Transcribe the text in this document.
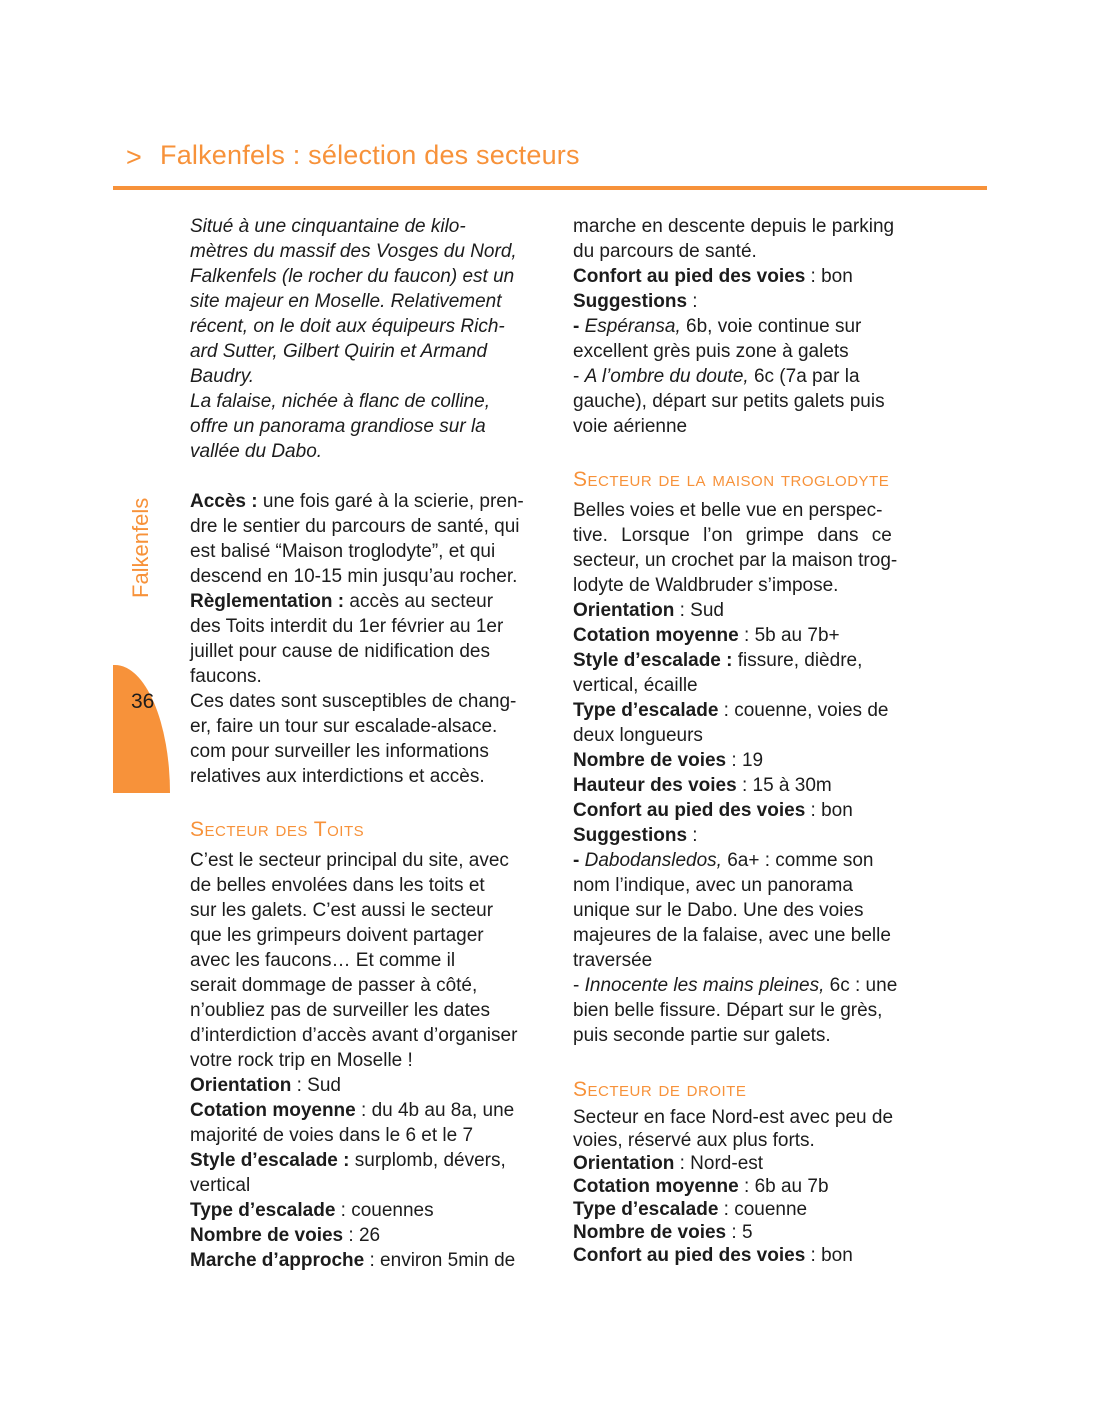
> Falkenfels : sélection des secteurs
Falkenfels
36
Situé à une cinquantaine de kilo-
mètres du massif des Vosges du Nord,
Falkenfels (le rocher du faucon) est un
site majeur en Moselle. Relativement
récent, on le doit aux équipeurs Rich-
ard Sutter, Gilbert Quirin et Armand
Baudry.
La falaise, nichée à flanc de colline,
offre un panorama grandiose sur la
vallée du Dabo.
Accès : une fois garé à la scierie, pren-
dre le sentier du parcours de santé, qui
est balisé “Maison troglodyte”, et qui
descend en 10-15 min jusqu’au rocher.
Règlementation : accès au secteur
des Toits interdit du 1er février au 1er
juillet pour cause de nidification des
faucons.
Ces dates sont susceptibles de chang-
er, faire un tour sur escalade-alsace.
com pour surveiller les informations
relatives aux interdictions et accès.
Secteur des Toits
C’est le secteur principal du site, avec
de belles envolées dans les toits et
sur les galets. C’est aussi le secteur
que les grimpeurs doivent partager
avec les faucons… Et comme il
serait dommage de passer à côté,
n’oubliez pas de surveiller les dates
d’interdiction d’accès avant d’organiser
votre rock trip en Moselle !
Orientation : Sud
Cotation moyenne : du 4b au 8a, une
majorité de voies dans le 6 et le 7
Style d’escalade : surplomb, dévers,
vertical
Type d’escalade : couennes
Nombre de voies : 26
Marche d’approche : environ 5min de
marche en descente depuis le parking
du parcours de santé.
Confort au pied des voies : bon
Suggestions :
- Espéransa, 6b, voie continue sur
excellent grès puis zone à galets
- A l’ombre du doute, 6c (7a par la
gauche), départ sur petits galets puis
voie aérienne
Secteur de la maison troglodyte
Belles voies et belle vue en perspec-
tive. Lorsque l’on grimpe dans ce
secteur, un crochet par la maison trog-
lodyte de Waldbruder s’impose.
Orientation : Sud
Cotation moyenne : 5b au 7b+
Style d’escalade : fissure, dièdre,
vertical, écaille
Type d’escalade : couenne, voies de
deux longueurs
Nombre de voies : 19
Hauteur des voies : 15 à 30m
Confort au pied des voies : bon
Suggestions :
- Dabodansledos, 6a+ : comme son
nom l’indique, avec un panorama
unique sur le Dabo. Une des voies
majeures de la falaise, avec une belle
traversée
- Innocente les mains pleines, 6c : une
bien belle fissure. Départ sur le grès,
puis seconde partie sur galets.
Secteur de droite
Secteur en face Nord-est avec peu de
voies, réservé aux plus forts.
Orientation : Nord-est
Cotation moyenne : 6b au 7b
Type d’escalade : couenne
Nombre de voies : 5
Confort au pied des voies : bon
